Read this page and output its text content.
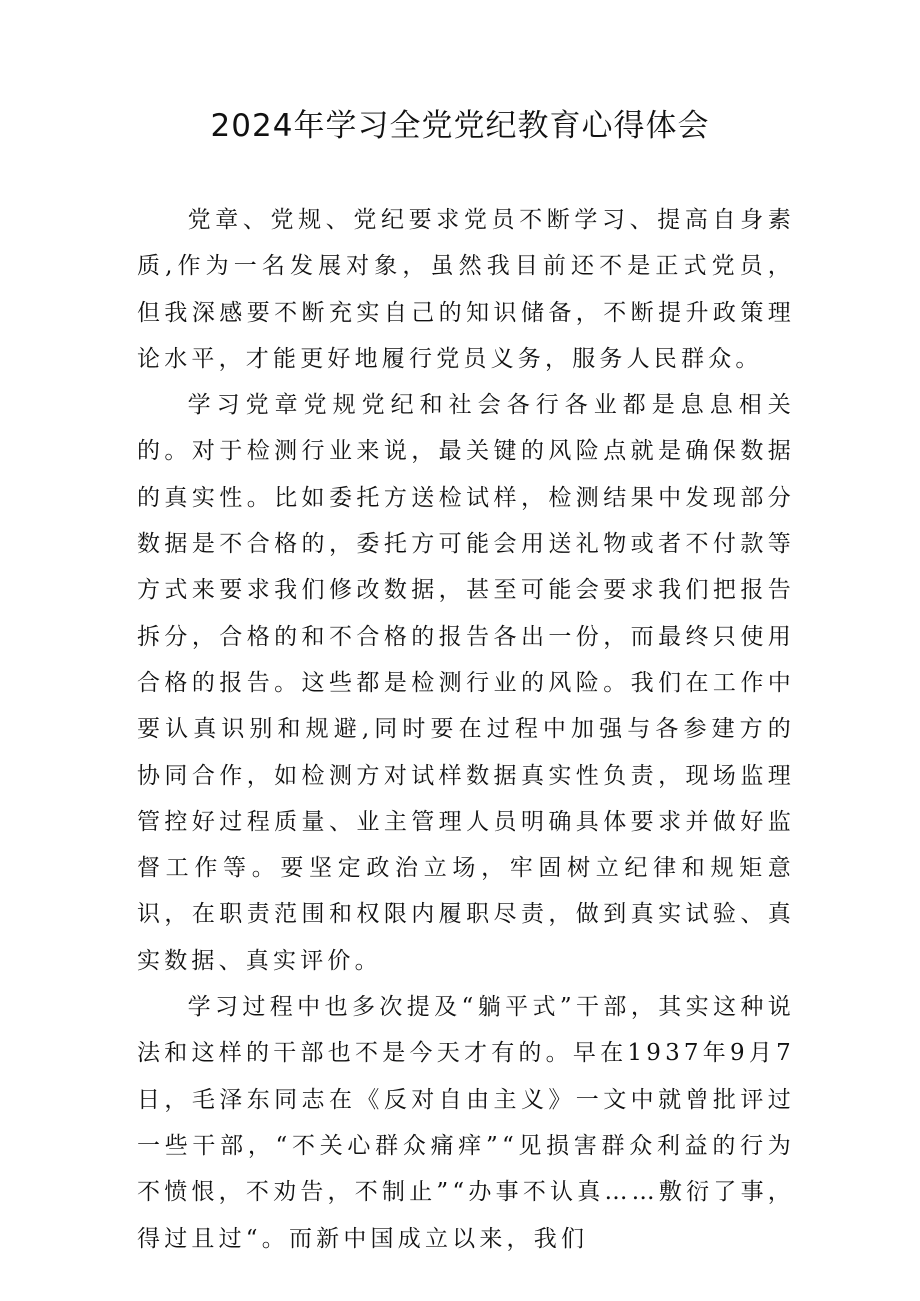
2024年学习全党党纪教育心得体会

党章、党规、党纪要求党员不断学习、提高自身素质,作为一名发展对象，虽然我目前还不是正式党员，但我深感要不断充实自己的知识储备，不断提升政策理论水平，才能更好地履行党员义务，服务人民群众。

学习党章党规党纪和社会各行各业都是息息相关的。对于检测行业来说，最关键的风险点就是确保数据的真实性。比如委托方送检试样，检测结果中发现部分数据是不合格的，委托方可能会用送礼物或者不付款等方式来要求我们修改数据，甚至可能会要求我们把报告拆分，合格的和不合格的报告各出一份，而最终只使用合格的报告。这些都是检测行业的风险。我们在工作中要认真识别和规避,同时要在过程中加强与各参建方的协同合作，如检测方对试样数据真实性负责，现场监理管控好过程质量、业主管理人员明确具体要求并做好监督工作等。要坚定政治立场，牢固树立纪律和规矩意识，在职责范围和权限内履职尽责，做到真实试验、真实数据、真实评价。

学习过程中也多次提及“躺平式”干部，其实这种说法和这样的干部也不是今天才有的。早在1937年9月7日，毛泽东同志在《反对自由主义》一文中就曾批评过一些干部，“不关心群众痛痒”“见损害群众利益的行为不愤恨，不劝告，不制止”“办事不认真……敷衍了事，得过且过“。而新中国成立以来，我们
